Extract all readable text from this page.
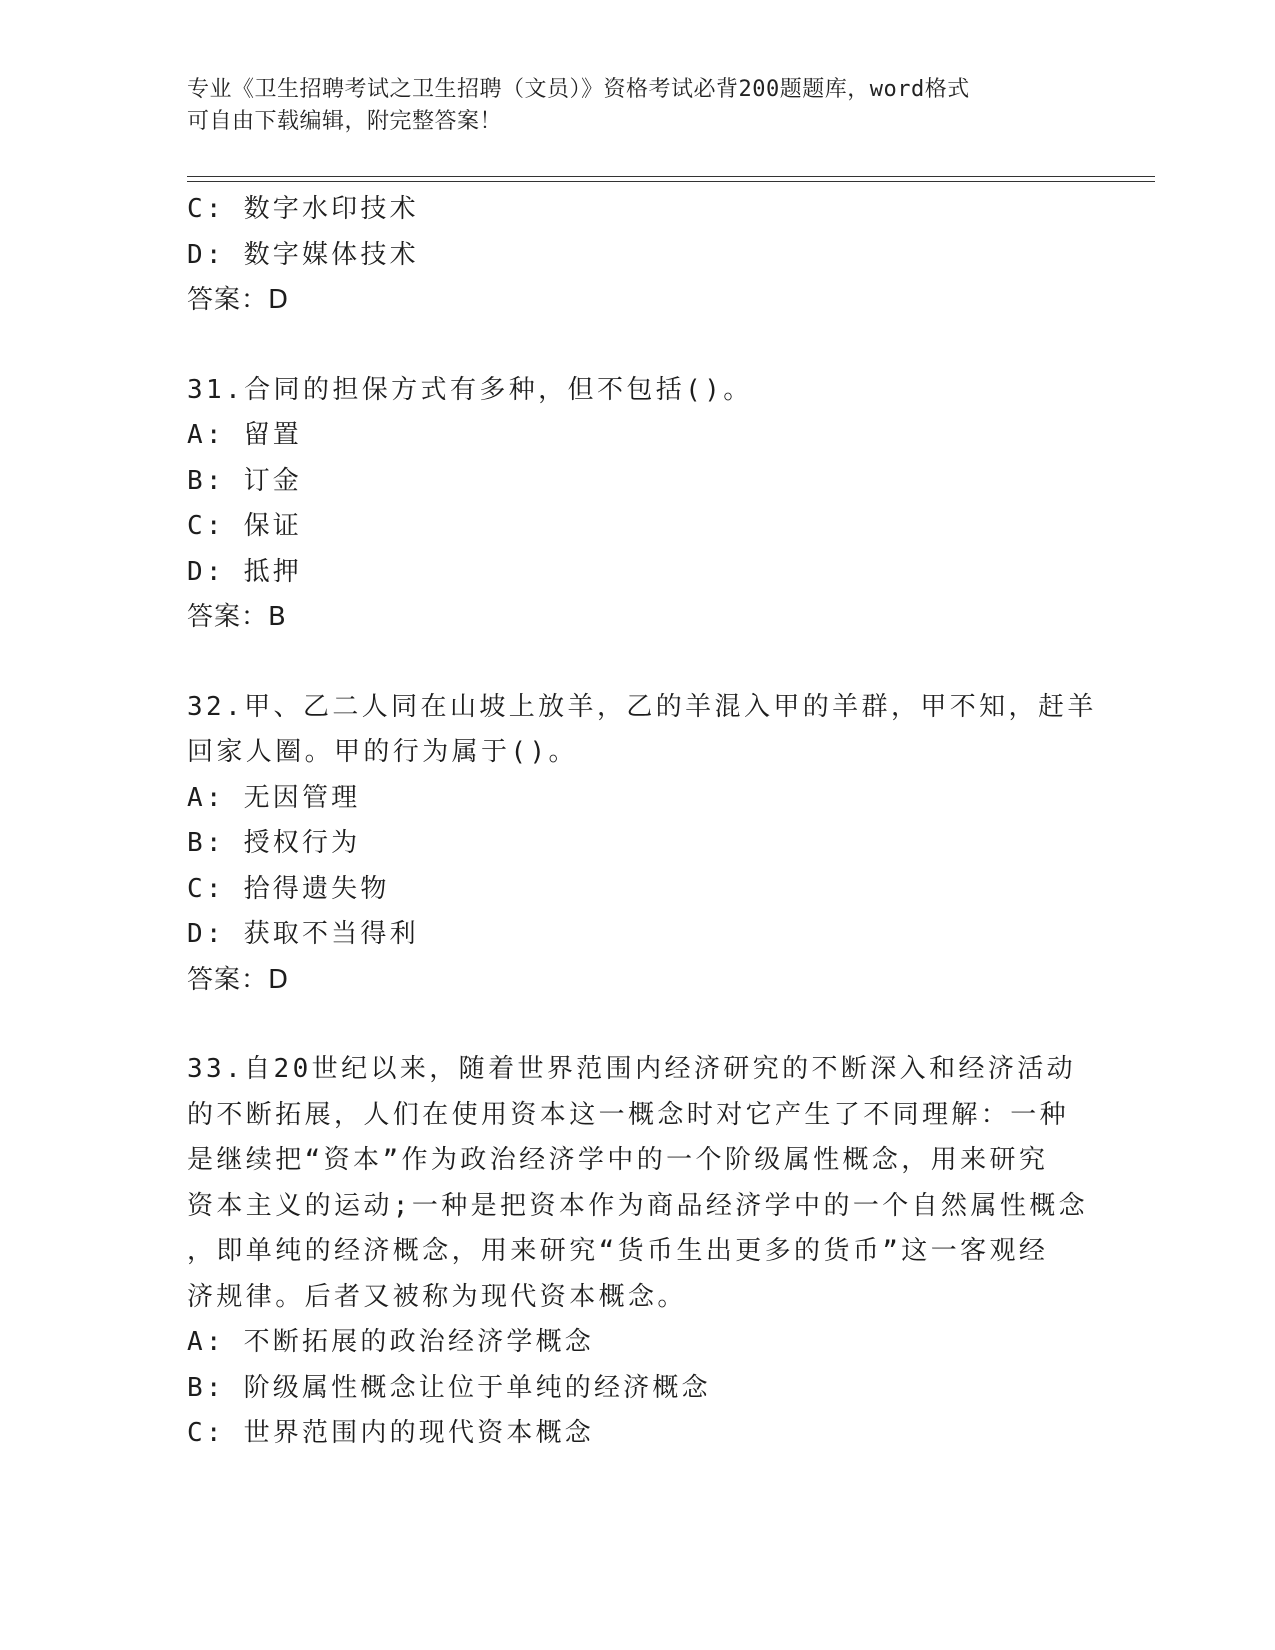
专业《卫生招聘考试之卫生招聘（文员）》资格考试必背200题题库，word格式
可自由下载编辑，附完整答案！
C: 数字水印技术
D: 数字媒体技术
答案：D
31.合同的担保方式有多种，但不包括()。
A: 留置
B: 订金
C: 保证
D: 抵押
答案：B
32.甲、乙二人同在山坡上放羊，乙的羊混入甲的羊群，甲不知，赶羊
回家人圈。甲的行为属于()。
A: 无因管理
B: 授权行为
C: 拾得遗失物
D: 获取不当得利
答案：D
33.自20世纪以来，随着世界范围内经济研究的不断深入和经济活动
的不断拓展，人们在使用资本这一概念时对它产生了不同理解：一种
是继续把“资本”作为政治经济学中的一个阶级属性概念，用来研究
资本主义的运动;一种是把资本作为商品经济学中的一个自然属性概念
，即单纯的经济概念，用来研究“货币生出更多的货币”这一客观经
济规律。后者又被称为现代资本概念。
A: 不断拓展的政治经济学概念
B: 阶级属性概念让位于单纯的经济概念
C: 世界范围内的现代资本概念
